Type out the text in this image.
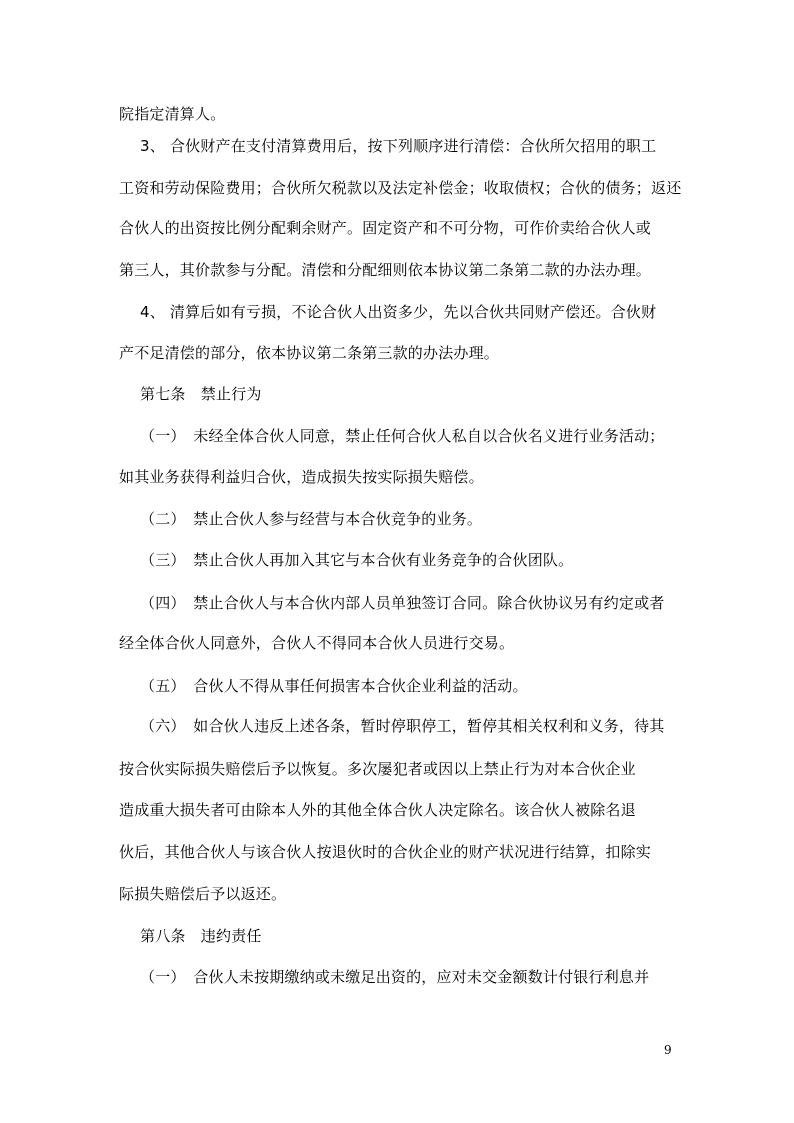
院指定清算人。
3、 合伙财产在支付清算费用后，按下列顺序进行清偿：合伙所欠招用的职工
工资和劳动保险费用；合伙所欠税款以及法定补偿金；收取债权；合伙的债务；返还
合伙人的出资按比例分配剩余财产。固定资产和不可分物，可作价卖给合伙人或
第三人，其价款参与分配。清偿和分配细则依本协议第二条第二款的办法办理。
4、 清算后如有亏损，不论合伙人出资多少，先以合伙共同财产偿还。合伙财
产不足清偿的部分，依本协议第二条第三款的办法办理。
第七条　禁止行为
（一）　未经全体合伙人同意，禁止任何合伙人私自以合伙名义进行业务活动；
如其业务获得利益归合伙，造成损失按实际损失赔偿。
（二）　禁止合伙人参与经营与本合伙竞争的业务。
（三）　禁止合伙人再加入其它与本合伙有业务竞争的合伙团队。
（四）　禁止合伙人与本合伙内部人员单独签订合同。除合伙协议另有约定或者
经全体合伙人同意外，合伙人不得同本合伙人员进行交易。
（五）　合伙人不得从事任何损害本合伙企业利益的活动。
（六）　如合伙人违反上述各条，暂时停职停工，暂停其相关权利和义务，待其
按合伙实际损失赔偿后予以恢复。多次屡犯者或因以上禁止行为对本合伙企业
造成重大损失者可由除本人外的其他全体合伙人决定除名。该合伙人被除名退
伙后，其他合伙人与该合伙人按退伙时的合伙企业的财产状况进行结算，扣除实
际损失赔偿后予以返还。
第八条　违约责任
（一）　合伙人未按期缴纳或未缴足出资的，应对未交金额数计付银行利息并
9
